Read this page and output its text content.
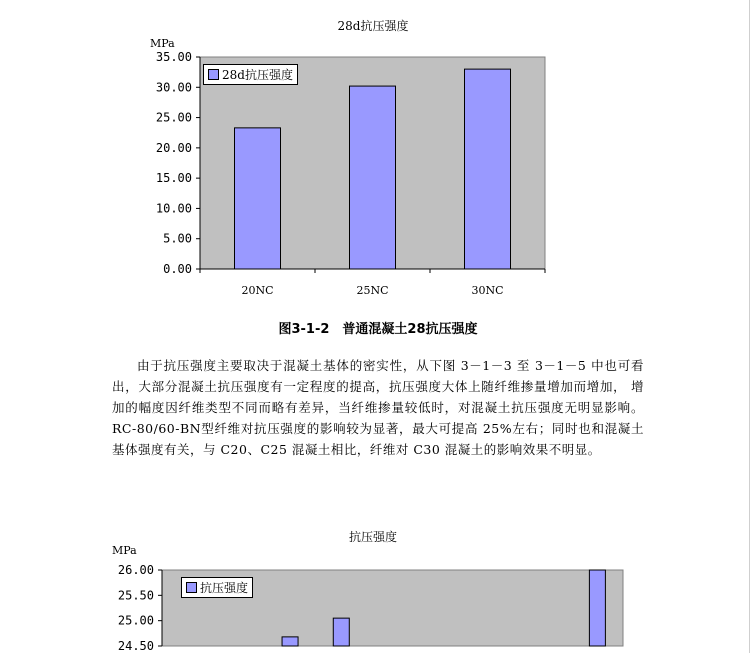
28d抗压强度
MPa
0.00
5.00
10.00
15.00
20.00
25.00
30.00
35.00
20NC	25NC	30NC
28d抗压强度
图3-1-2　普通混凝土28抗压强度
由于抗压强度主要取决于混凝土基体的密实性，从下图 3－1－3 至 3－1－5 中也可看出，大部分混凝土抗压强度有一定程度的提高，抗压强度大体上随纤维掺量增加而增加， 增加的幅度因纤维类型不同而略有差异，当纤维掺量较低时，对混凝土抗压强度无明显影响。RC-80/60-BN型纤维对抗压强度的影响较为显著，最大可提高 25%左右；同时也和混凝土基体强度有关，与 C20、C25 混凝土相比，纤维对 C30 混凝土的影响效果不明显。
抗压强度
MPa
24.50
25.00
25.50
26.00
抗压强度
